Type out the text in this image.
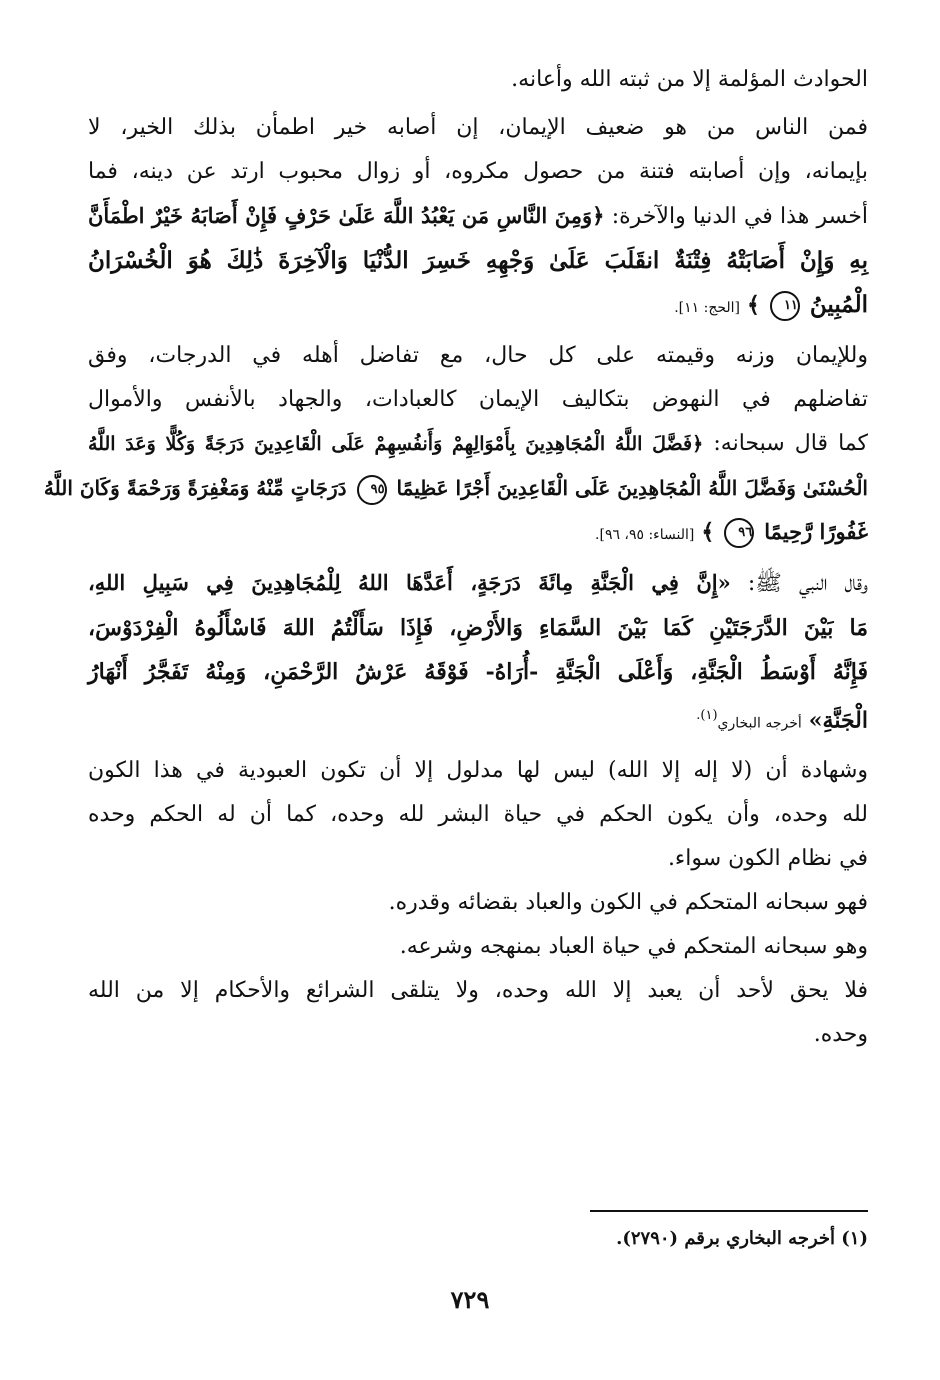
الحوادث المؤلمة إلا من ثبته الله وأعانه.
فمن الناس من هو ضعيف الإيمان، إن أصابه خير اطمأن بذلك الخير، لا
بإيمانه، وإن أصابته فتنة من حصول مكروه، أو زوال محبوب ارتد عن دينه، فما
أخسر هذا في الدنيا والآخرة: ﴿وَمِنَ النَّاسِ مَن يَعْبُدُ اللَّهَ عَلَىٰ حَرْفٍ فَإِنْ أَصَابَهُ خَيْرٌ اطْمَأَنَّ
بِهِ وَإِنْ أَصَابَتْهُ فِتْنَةٌ انقَلَبَ عَلَىٰ وَجْهِهِ خَسِرَ الدُّنْيَا وَالْآخِرَةَ ذَٰلِكَ هُوَ الْخُسْرَانُ
الْمُبِينُ ١١ ﴾ [الحج: ١١].
وللإيمان وزنه وقيمته على كل حال، مع تفاضل أهله في الدرجات، وفق
تفاضلهم في النهوض بتكاليف الإيمان كالعبادات، والجهاد بالأنفس والأموال
كما قال سبحانه: ﴿فَضَّلَ اللَّهُ الْمُجَاهِدِينَ بِأَمْوَالِهِمْ وَأَنفُسِهِمْ عَلَى الْقَاعِدِينَ دَرَجَةً وَكُلًّا وَعَدَ اللَّهُ
الْحُسْنَىٰ وَفَضَّلَ اللَّهُ الْمُجَاهِدِينَ عَلَى الْقَاعِدِينَ أَجْرًا عَظِيمًا ٩٥ دَرَجَاتٍ مِّنْهُ وَمَغْفِرَةً وَرَحْمَةً وَكَانَ اللَّهُ
غَفُورًا رَّحِيمًا ٩٦ ﴾ [النساء: ٩٥، ٩٦].
وقال النبي ﷺ: «إِنَّ فِي الْجَنَّةِ مِائَةَ دَرَجَةٍ، أَعَدَّهَا اللهُ لِلْمُجَاهِدِينَ فِي سَبِيلِ اللهِ،
مَا بَيْنَ الدَّرَجَتَيْنِ كَمَا بَيْنَ السَّمَاءِ وَالأَرْضِ، فَإِذَا سَأَلْتُمُ اللهَ فَاسْأَلُوهُ الْفِرْدَوْسَ،
فَإِنَّهُ أَوْسَطُ الْجَنَّةِ، وَأَعْلَى الْجَنَّةِ -أُرَاهُ- فَوْقَهُ عَرْشُ الرَّحْمَنِ، وَمِنْهُ تَفَجَّرُ أَنْهَارُ
الْجَنَّةِ» أخرجه البخاري$^{(١).}$
وشهادة أن (لا إله إلا الله) ليس لها مدلول إلا أن تكون العبودية في هذا الكون
لله وحده، وأن يكون الحكم في حياة البشر لله وحده، كما أن له الحكم وحده
في نظام الكون سواء.
فهو سبحانه المتحكم في الكون والعباد بقضائه وقدره.
وهو سبحانه المتحكم في حياة العباد بمنهجه وشرعه.
فلا يحق لأحد أن يعبد إلا الله وحده، ولا يتلقى الشرائع والأحكام إلا من الله
وحده.
(١) أخرجه البخاري برقم (٢٧٩٠).
٧٢٩
